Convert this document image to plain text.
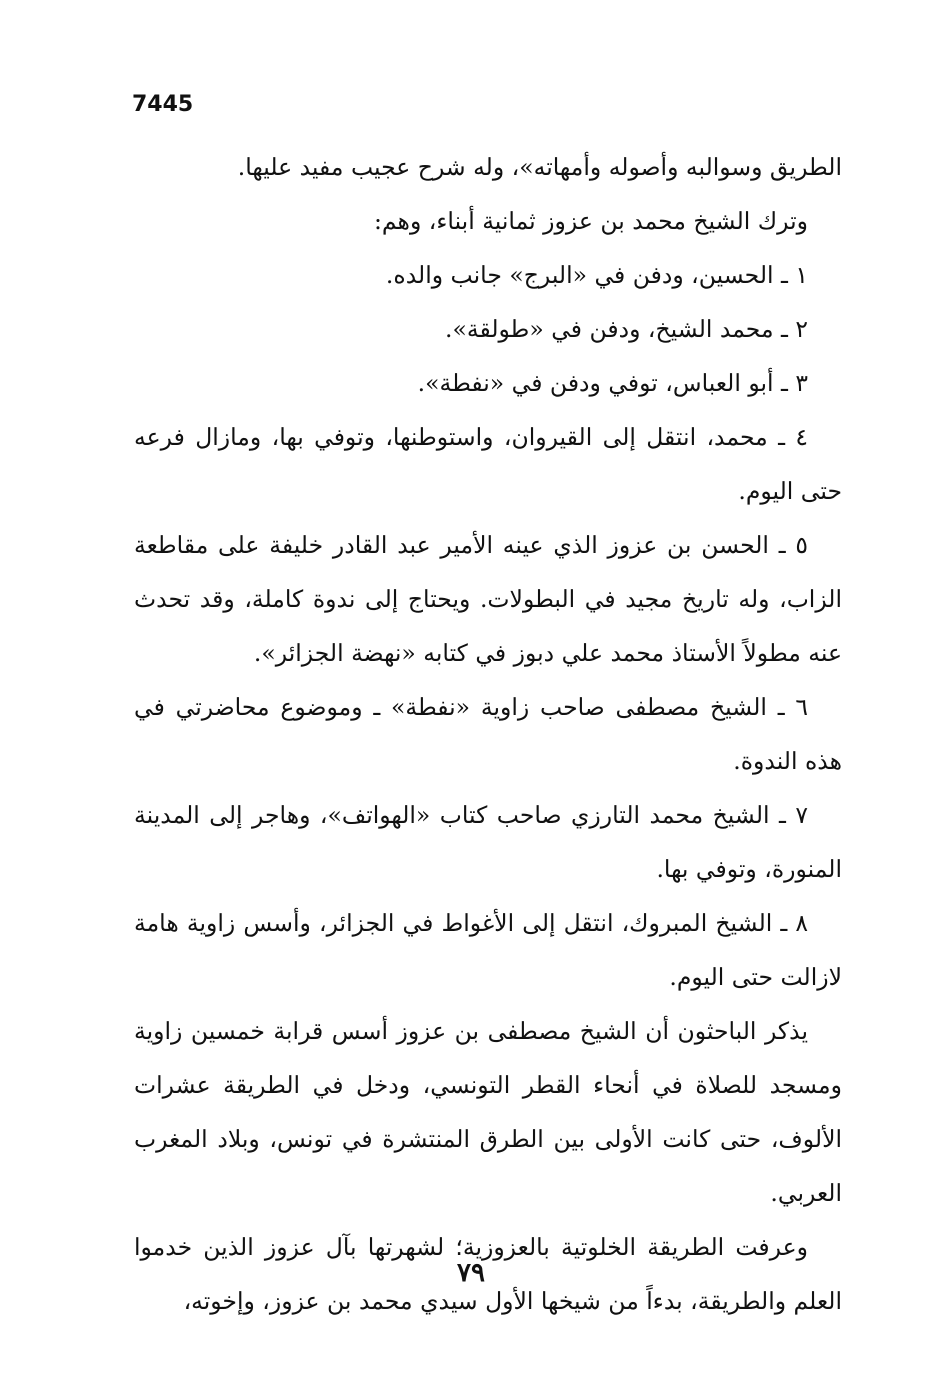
7445

الطريق وسوالبه وأصوله وأمهاته»، وله شرح عجيب مفيد عليها.

وترك الشيخ محمد بن عزوز ثمانية أبناء، وهم:

١ ـ الحسين، ودفن في «البرج» جانب والده.

٢ ـ محمد الشيخ، ودفن في «طولقة».

٣ ـ أبو العباس، توفي ودفن في «نفطة».

٤ ـ محمد، انتقل إلى القيروان، واستوطنها، وتوفي بها، ومازال فرعه حتى اليوم.

٥ ـ الحسن بن عزوز الذي عينه الأمير عبد القادر خليفة على مقاطعة الزاب، وله تاريخ مجيد في البطولات. ويحتاج إلى ندوة كاملة، وقد تحدث عنه مطولاً الأستاذ محمد علي دبوز في كتابه «نهضة الجزائر».

٦ ـ الشيخ مصطفى صاحب زاوية «نفطة» ـ وموضوع محاضرتي في هذه الندوة.

٧ ـ الشيخ محمد التارزي صاحب كتاب «الهواتف»، وهاجر إلى المدينة المنورة، وتوفي بها.

٨ ـ الشيخ المبروك، انتقل إلى الأغواط في الجزائر، وأسس زاوية هامة لازالت حتى اليوم.

يذكر الباحثون أن الشيخ مصطفى بن عزوز أسس قرابة خمسين زاوية ومسجد للصلاة في أنحاء القطر التونسي، ودخل في الطريقة عشرات الألوف، حتى كانت الأولى بين الطرق المنتشرة في تونس، وبلاد المغرب العربي.

وعرفت الطريقة الخلوتية بالعزوزية؛ لشهرتها بآل عزوز الذين خدموا العلم والطريقة، بدءاً من شيخها الأول سيدي محمد بن عزوز، وإخوته،

٧٩
